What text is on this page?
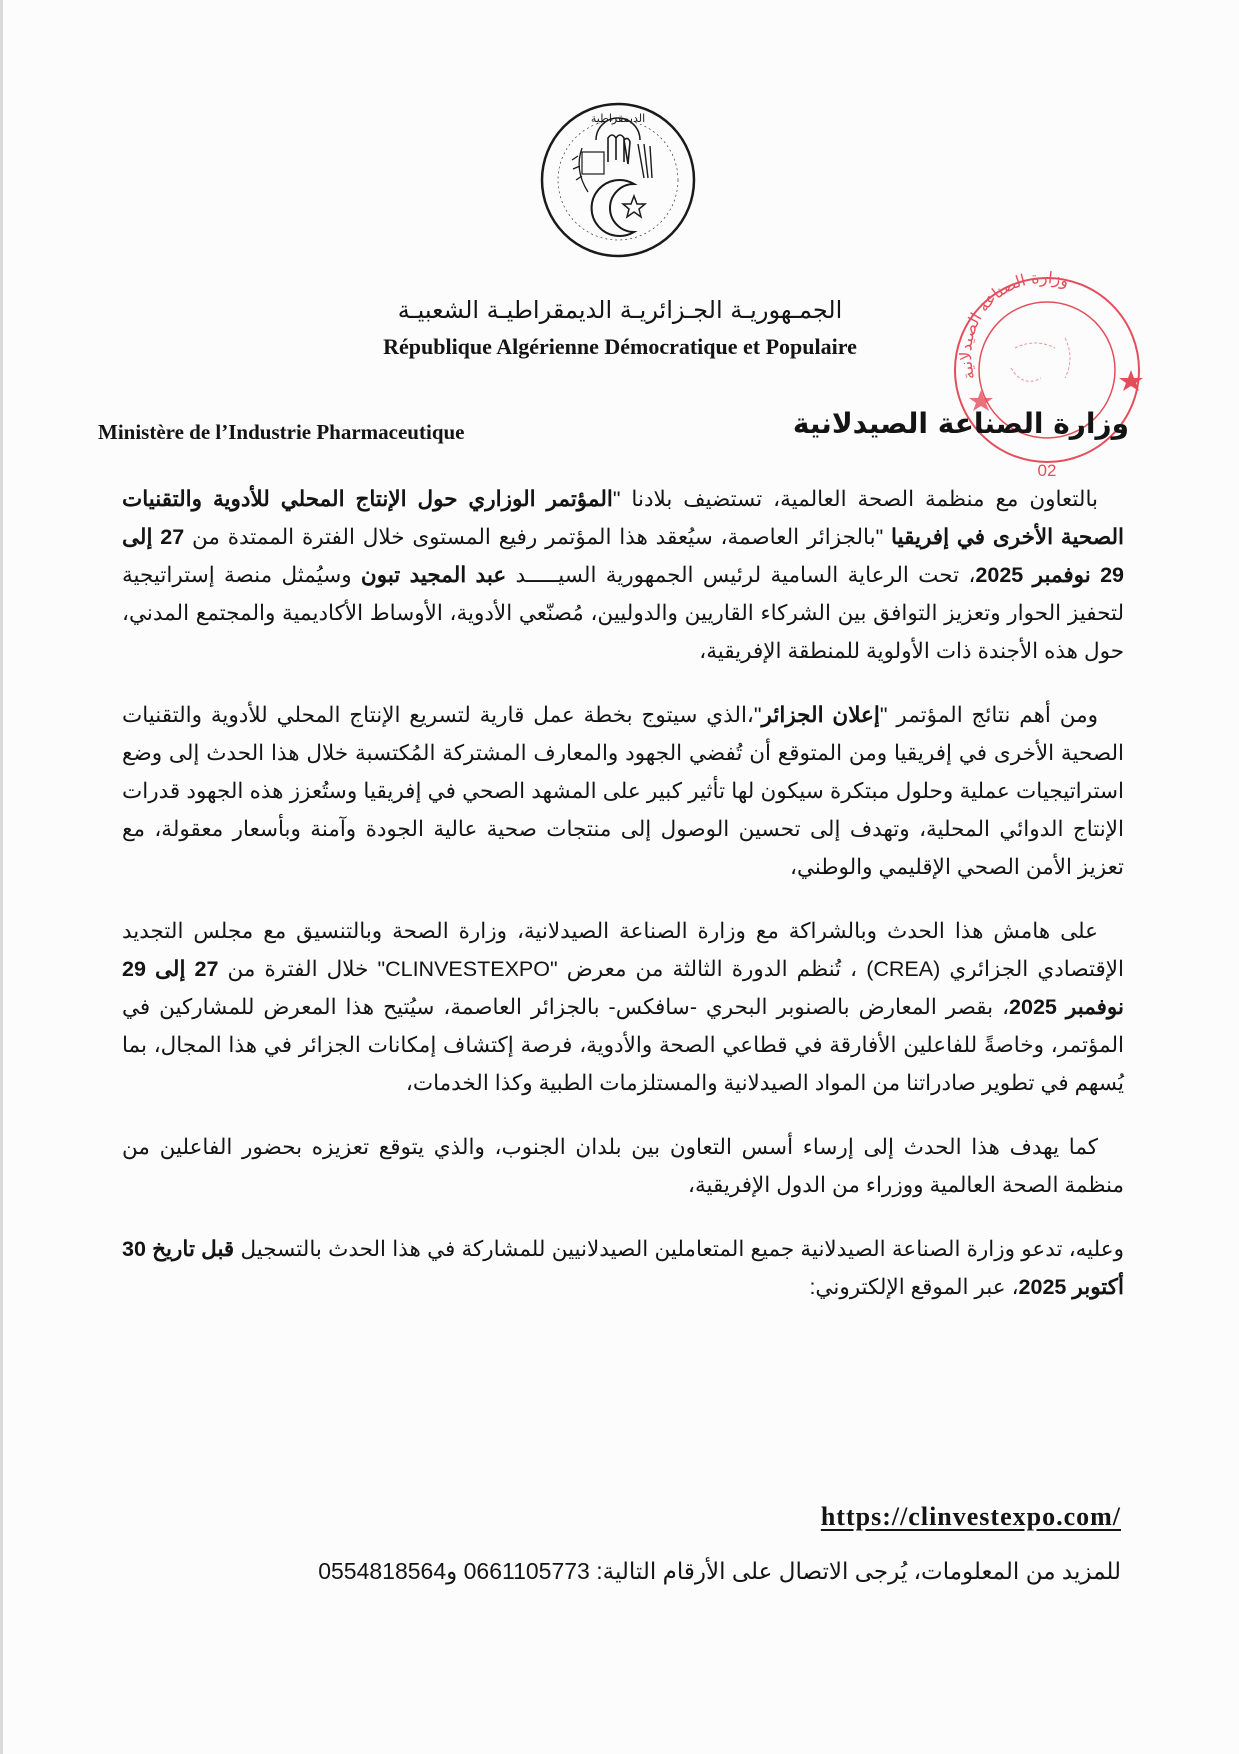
الديمقراطية
وزارة الصناعة الصيدلانية
02
الجمـهوريـة الجـزائريـة الديمقراطيـة الشعبيـة
République Algérienne Démocratique et Populaire
Ministère de l’Industrie Pharmaceutique	وزارة الصناعة الصيدلانية

بالتعاون مع منظمة الصحة العالمية، تستضيف بلادنا "المؤتمر الوزاري حول الإنتاج المحلي للأدوية والتقنيات الصحية الأخرى في إفريقيا "بالجزائر العاصمة، سيُعقد هذا المؤتمر رفيع المستوى خلال الفترة الممتدة من 27 إلى 29 نوفمبر 2025، تحت الرعاية السامية لرئيس الجمهورية السيـــــد عبد المجيد تبون وسيُمثل منصة إستراتيجية لتحفيز الحوار وتعزيز التوافق بين الشركاء القاريين والدوليين، مُصنّعي الأدوية، الأوساط الأكاديمية والمجتمع المدني، حول هذه الأجندة ذات الأولوية للمنطقة الإفريقية،

ومن أهم نتائج المؤتمر "إعلان الجزائر"،الذي سيتوج بخطة عمل قارية لتسريع الإنتاج المحلي للأدوية والتقنيات الصحية الأخرى في إفريقيا ومن المتوقع أن تُفضي الجهود والمعارف المشتركة المُكتسبة خلال هذا الحدث إلى وضع استراتيجيات عملية وحلول مبتكرة سيكون لها تأثير كبير على المشهد الصحي في إفريقيا وستُعزز هذه الجهود قدرات الإنتاج الدوائي المحلية، وتهدف إلى تحسين الوصول إلى منتجات صحية عالية الجودة وآمنة وبأسعار معقولة، مع تعزيز الأمن الصحي الإقليمي والوطني،

على هامش هذا الحدث وبالشراكة مع وزارة الصناعة الصيدلانية، وزارة الصحة وبالتنسيق مع مجلس التجديد الإقتصادي الجزائري (CREA) ، تُنظم الدورة الثالثة من معرض "CLINVESTEXPO" خلال الفترة من 27 إلى 29 نوفمبر 2025، بقصر المعارض بالصنوبر البحري -سافكس- بالجزائر العاصمة، سيُتيح هذا المعرض للمشاركين في المؤتمر، وخاصةً للفاعلين الأفارقة في قطاعي الصحة والأدوية، فرصة إكتشاف إمكانات الجزائر في هذا المجال، بما يُسهم في تطوير صادراتنا من المواد الصيدلانية والمستلزمات الطبية وكذا الخدمات،

كما يهدف هذا الحدث إلى إرساء أسس التعاون بين بلدان الجنوب، والذي يتوقع تعزيزه بحضور الفاعلين من منظمة الصحة العالمية ووزراء من الدول الإفريقية،

وعليه، تدعو وزارة الصناعة الصيدلانية جميع المتعاملين الصيدلانيين للمشاركة في هذا الحدث بالتسجيل قبل تاريخ 30 أكتوبر 2025، عبر الموقع الإلكتروني:

https://clinvestexpo.com/
للمزيد من المعلومات، يُرجى الاتصال على الأرقام التالية: 0661105773 و0554818564
